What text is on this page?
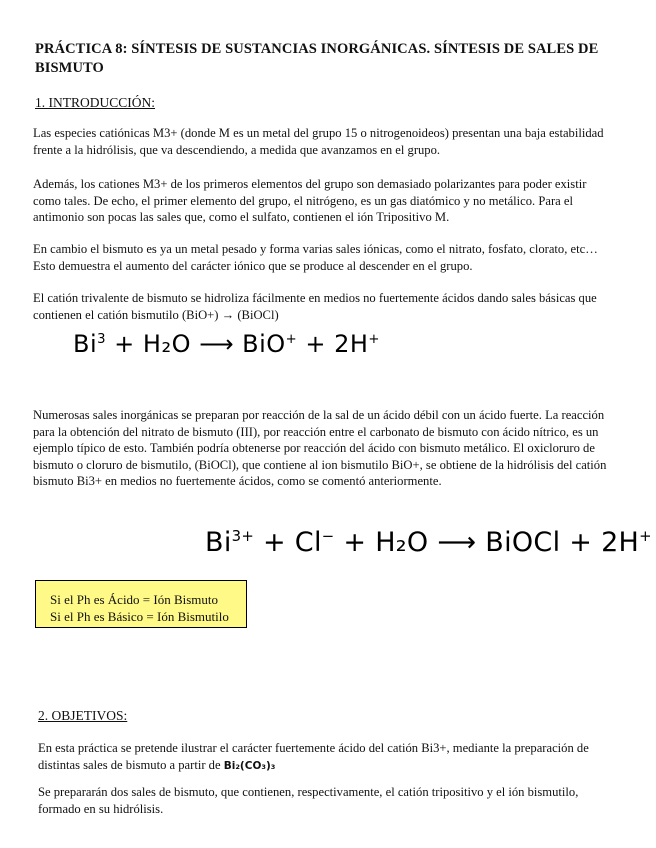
PRÁCTICA 8: SÍNTESIS DE SUSTANCIAS INORGÁNICAS. SÍNTESIS DE SALES DE BISMUTO
1. INTRODUCCIÓN:
Las especies catiónicas M3+ (donde M es un metal del grupo 15 o nitrogenoideos) presentan una baja estabilidad frente a la hidrólisis, que va descendiendo, a medida que avanzamos en el grupo.
Además, los cationes M3+ de los primeros elementos del grupo son demasiado polarizantes para poder existir como tales. De echo, el primer elemento del grupo, el nitrógeno, es un gas diatómico y no metálico. Para el antimonio son pocas las sales que, como el sulfato, contienen el ión Tripositivo M.
En cambio el bismuto es ya un metal pesado y forma varias sales iónicas, como el nitrato, fosfato, clorato, etc… Esto demuestra el aumento del carácter iónico que se produce al descender en el grupo.
El catión trivalente de bismuto se hidroliza fácilmente en medios no fuertemente ácidos dando sales básicas que contienen el catión bismutilo (BiO+) → (BiOCl)
$Bi^3 + H_2O$ ⟶ BiO+ + 2H+
Numerosas sales inorgánicas se preparan por reacción de la sal de un ácido débil con un ácido fuerte. La reacción para la obtención del nitrato de bismuto (III), por reacción entre el carbonato de bismuto con ácido nítrico, es un ejemplo típico de esto. También podría obtenerse por reacción del ácido con bismuto metálico. El oxicloruro de bismuto o cloruro de bismutilo, (BiOCl), que contiene al ion bismutilo BiO+, se obtiene de la hidrólisis del catión bismuto Bi3+ en medios no fuertemente ácidos, como se comentó anteriormente.
$Bi^{3+} + Cl^- + H_2O$ ⟶ BiOCl + 2H+
Si el Ph es Ácido = Ión Bismuto
Si el Ph es Básico = Ión Bismutilo
2. OBJETIVOS:
En esta práctica se pretende ilustrar el carácter fuertemente ácido del catión Bi3+, mediante la preparación de distintas sales de bismuto a partir de Bi₂(CO₃)₃
Se prepararán dos sales de bismuto, que contienen, respectivamente, el catión tripositivo y el ión bismutilo, formado en su hidrólisis.
